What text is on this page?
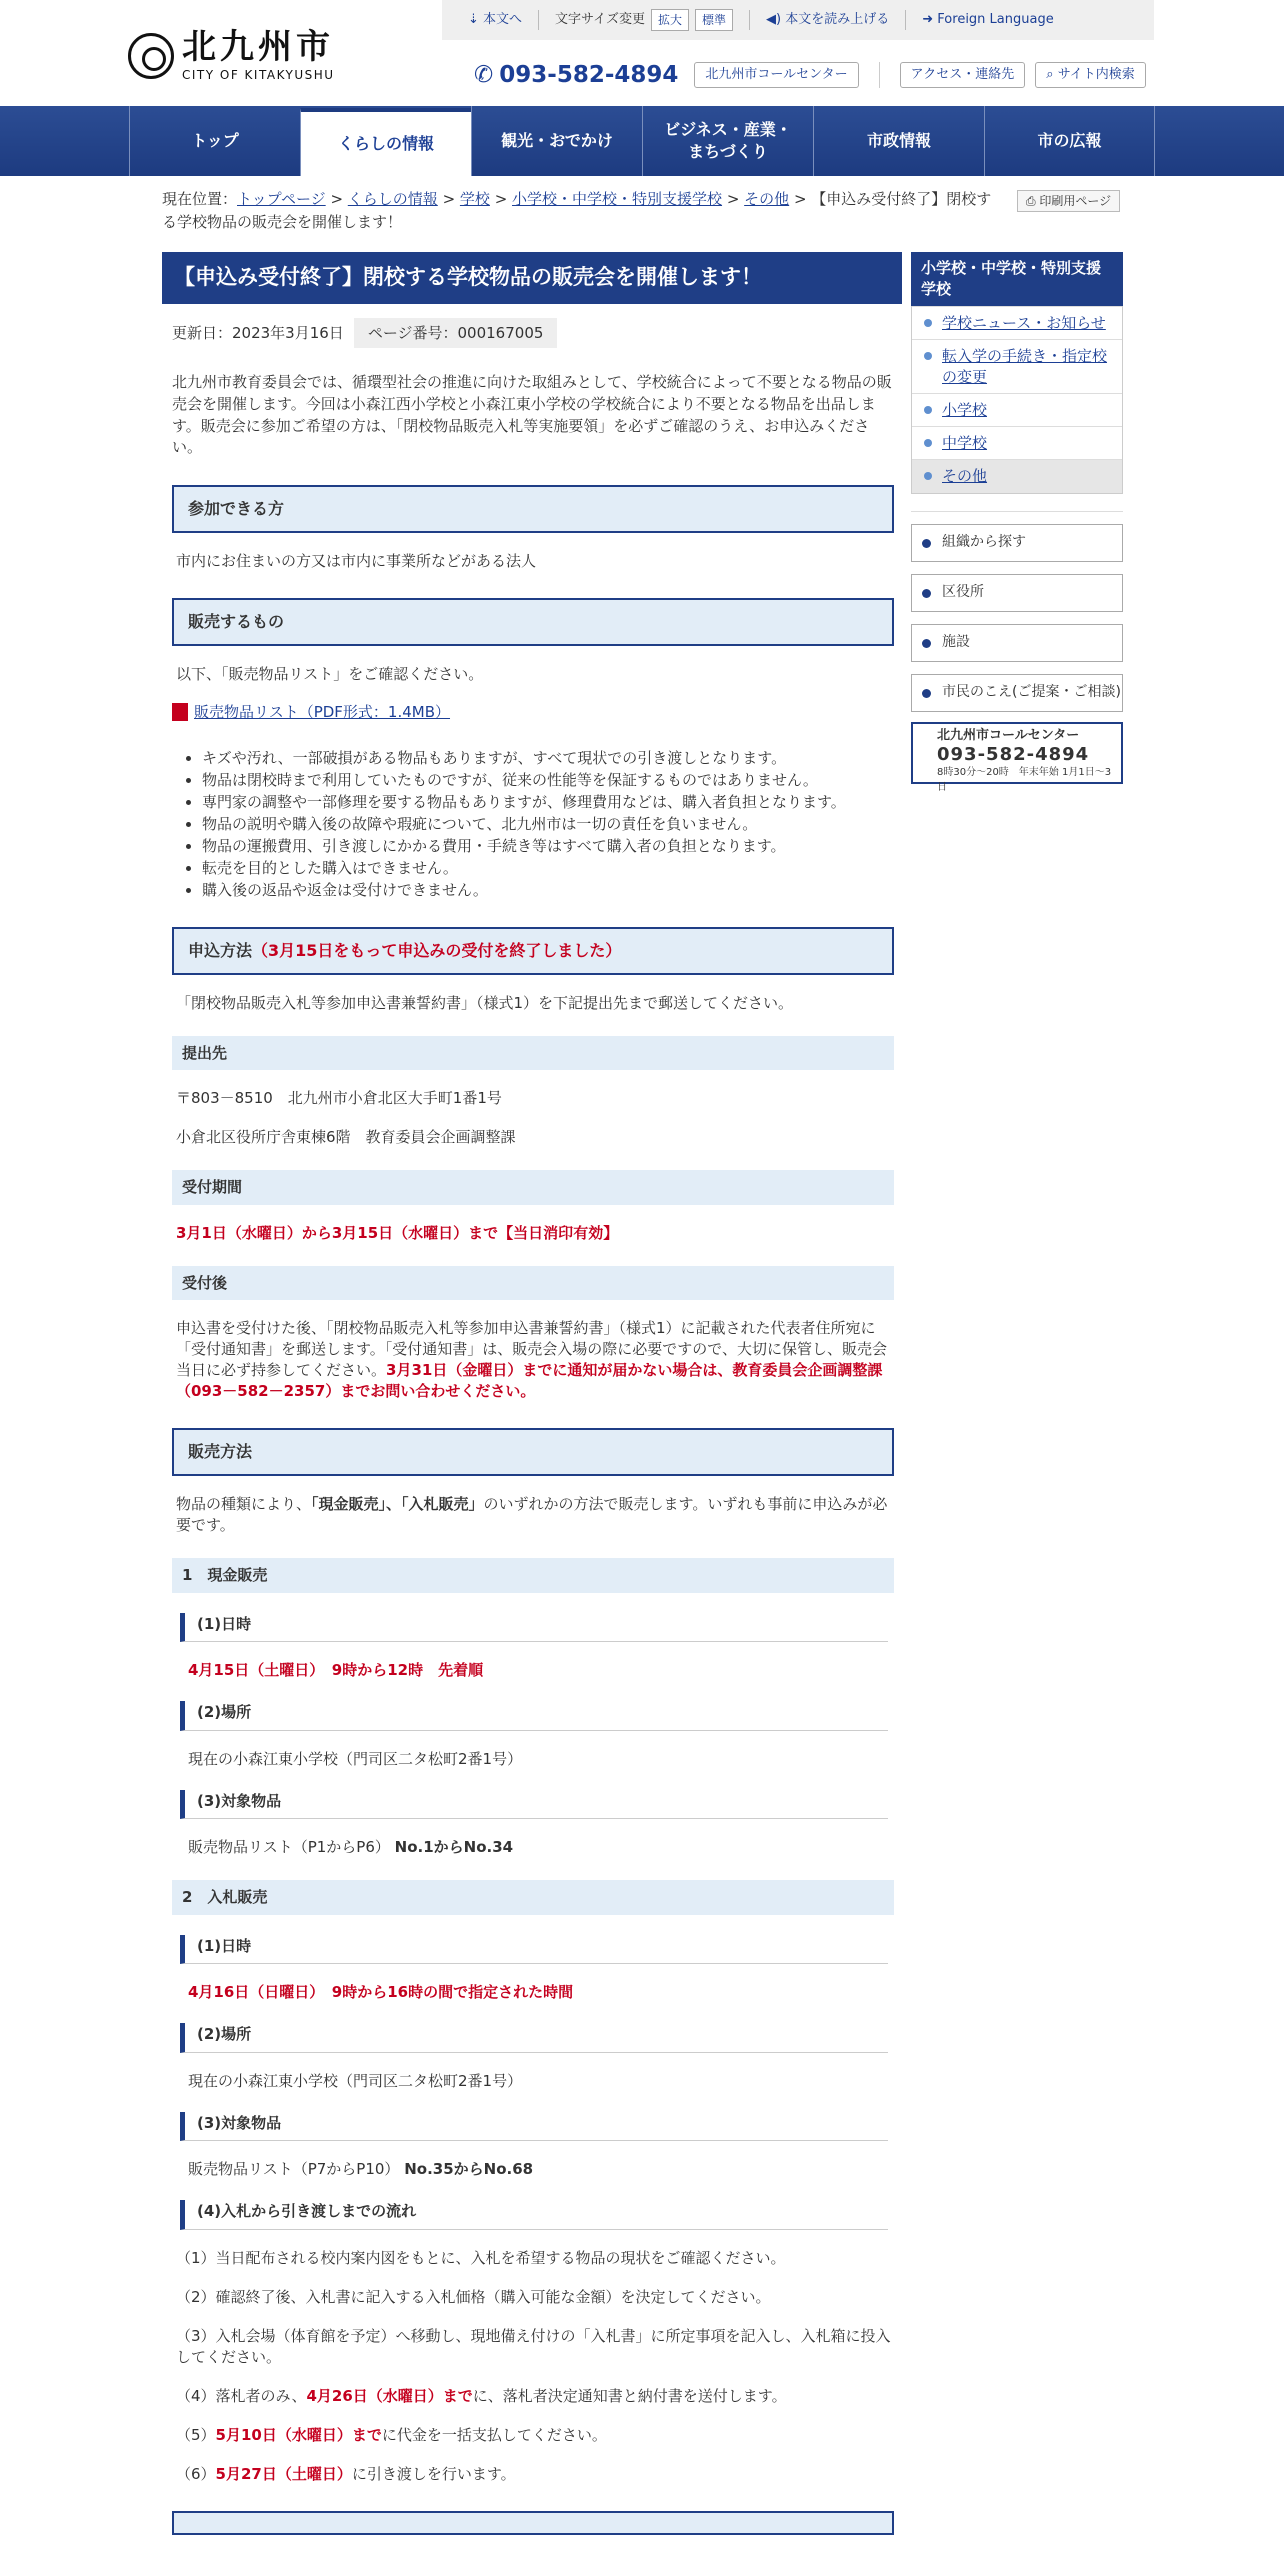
北九州市
CITY OF KITAKYUSHU
⇣ 本文へ	文字サイズ変更	拡大	標準	◀) 本文を読み上げる	➜ Foreign Language
✆ 093-582-4894	北九州市コールセンター	アクセス・連絡先	⌕ サイト内検索
トップ	くらしの情報	観光・おでかけ
ビジネス・産業・
まちづくり
市政情報	市の広報
現在位置：トップページ > くらしの情報 > 学校 > 小学校・中学校・特別支援学校 > その他 > 【申込み受付終了】閉校する学校物品の販売会を開催します！
⎙ 印刷用ページ
【申込み受付終了】閉校する学校物品の販売会を開催します！
更新日：2023年3月16日	ページ番号：000167005

北九州市教育委員会では、循環型社会の推進に向けた取組みとして、学校統合によって不要となる物品の販売会を開催します。今回は小森江西小学校と小森江東小学校の学校統合により不要となる物品を出品します。販売会に参加ご希望の方は、「閉校物品販売入札等実施要領」を必ずご確認のうえ、お申込みください。

参加できる方

市内にお住まいの方又は市内に事業所などがある法人

販売するもの

以下、「販売物品リスト」をご確認ください。

販売物品リスト（PDF形式：1.4MB）
• キズや汚れ、一部破損がある物品もありますが、すべて現状での引き渡しとなります。
• 物品は閉校時まで利用していたものですが、従来の性能等を保証するものではありません。
• 専門家の調整や一部修理を要する物品もありますが、修理費用などは、購入者負担となります。
• 物品の説明や購入後の故障や瑕疵について、北九州市は一切の責任を負いません。
• 物品の運搬費用、引き渡しにかかる費用・手続き等はすべて購入者の負担となります。
• 転売を目的とした購入はできません。
• 購入後の返品や返金は受付けできません。
申込方法（3月15日をもって申込みの受付を終了しました）

「閉校物品販売入札等参加申込書兼誓約書」（様式1）を下記提出先まで郵送してください。

提出先

〒803－8510　北九州市小倉北区大手町1番1号

小倉北区役所庁舎東棟6階　教育委員会企画調整課

受付期間

3月1日（水曜日）から3月15日（水曜日）まで【当日消印有効】

受付後

申込書を受付けた後、「閉校物品販売入札等参加申込書兼誓約書」（様式1）に記載された代表者住所宛に「受付通知書」を郵送します。「受付通知書」は、販売会入場の際に必要ですので、大切に保管し、販売会当日に必ず持参してください。3月31日（金曜日）までに通知が届かない場合は、教育委員会企画調整課（093－582－2357）までお問い合わせください。

販売方法

物品の種類により、「現金販売」、「入札販売」のいずれかの方法で販売します。いずれも事前に申込みが必要です。

1　現金販売
(1)日時

4月15日（土曜日）　9時から12時　先着順

(2)場所

現在の小森江東小学校（門司区二タ松町2番1号）

(3)対象物品

販売物品リスト（P1からP6） No.1からNo.34

2　入札販売
(1)日時

4月16日（日曜日）　9時から16時の間で指定された時間

(2)場所

現在の小森江東小学校（門司区二タ松町2番1号）

(3)対象物品

販売物品リスト（P7からP10） No.35からNo.68

(4)入札から引き渡しまでの流れ

（1）当日配布される校内案内図をもとに、入札を希望する物品の現状をご確認ください。

（2）確認終了後、入札書に記入する入札価格（購入可能な金額）を決定してください。

（3）入札会場（体育館を予定）へ移動し、現地備え付けの「入札書」に所定事項を記入し、入札箱に投入してください。

（4）落札者のみ、4月26日（水曜日）までに、落札者決定通知書と納付書を送付します。

（5）5月10日（水曜日）までに代金を一括支払してください。

（6）5月27日（土曜日）に引き渡しを行います。

小学校・中学校・特別支援学校
学校ニュース・お知らせ
転入学の手続き・指定校の変更
小学校
中学校
その他
組織から探す
区役所
施設
市民のこえ(ご提案・ご相談)
北九州市コールセンター
093-582-4894
8時30分～20時　年末年始 1月1日～3日
